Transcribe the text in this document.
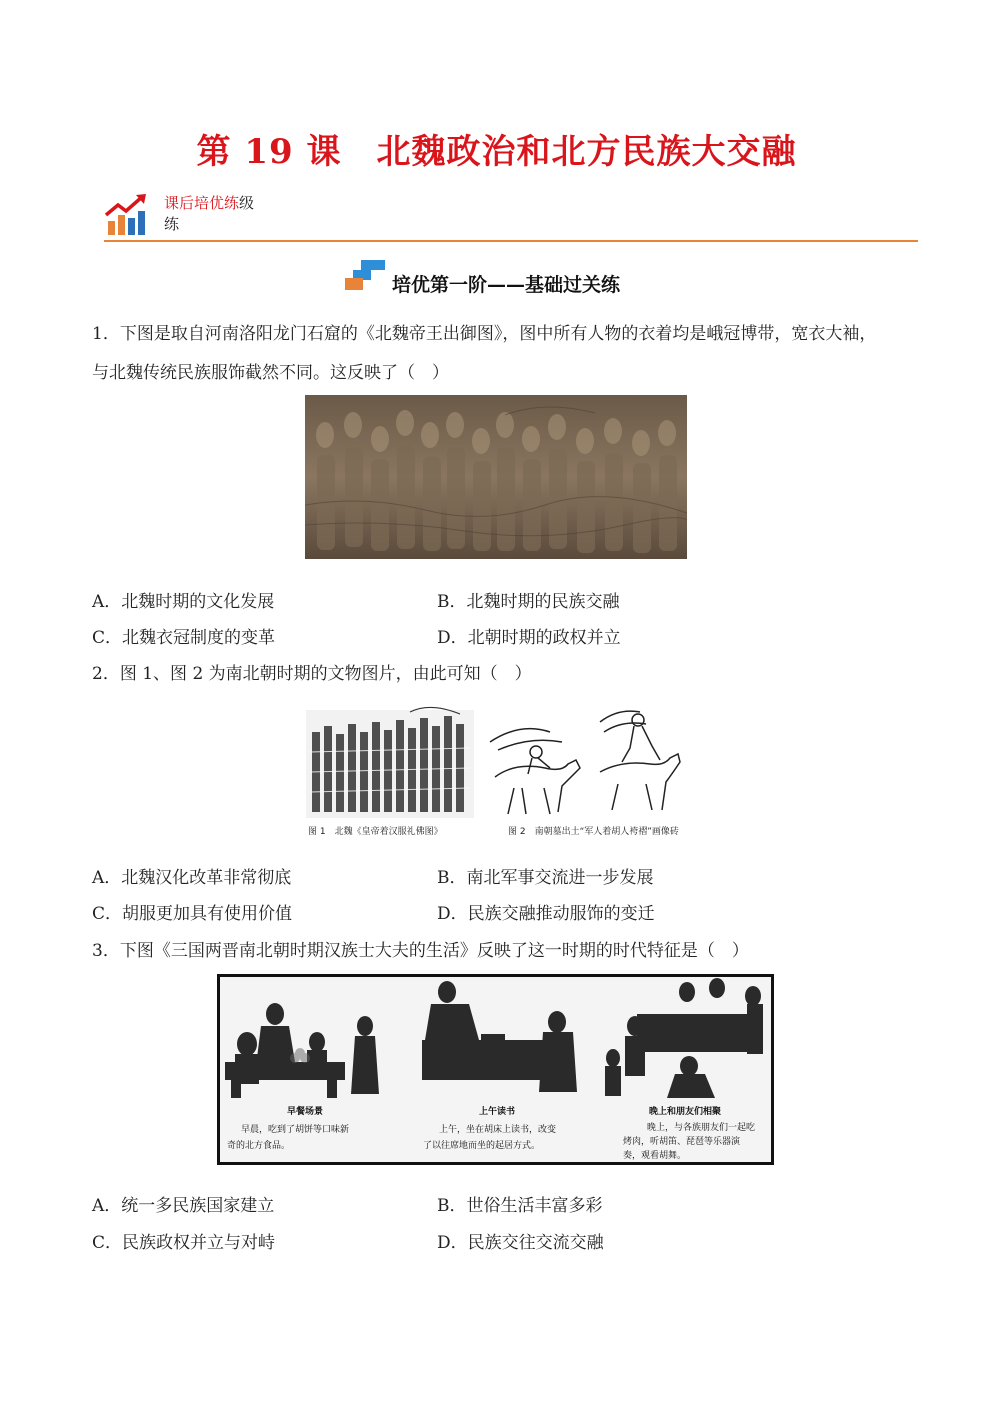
第 19 课　北魏政治和北方民族大交融
课后培优练级
练
培优第一阶——基础过关练
1．下图是取自河南洛阳龙门石窟的《北魏帝王出御图》，图中所有人物的衣着均是峨冠博带，宽衣大袖，
与北魏传统民族服饰截然不同。这反映了（　）
A．北魏时期的文化发展	B．北魏时期的民族交融
C．北魏衣冠制度的变革	D．北朝时期的政权并立
2．图 1、图 2 为南北朝时期的文物图片，由此可知（　）
图 1　北魏《皇帝着汉服礼佛图》	图 2　南朝墓出土“军人着胡人袴褶”画像砖
A．北魏汉化改革非常彻底	B．南北军事交流进一步发展
C．胡服更加具有使用价值	D．民族交融推动服饰的变迁
3．下图《三国两晋南北朝时期汉族士大夫的生活》反映了这一时期的时代特征是（　）
早餐场景
早晨，吃到了胡饼等口味新
奇的北方食品。
上午读书
上午，坐在胡床上读书，改变
了以往席地而坐的起居方式。
晚上和朋友们相聚
晚上，与各族朋友们一起吃
烤肉，听胡笛、琵琶等乐器演
奏，观看胡舞。
A．统一多民族国家建立	B．世俗生活丰富多彩
C．民族政权并立与对峙	D．民族交往交流交融
